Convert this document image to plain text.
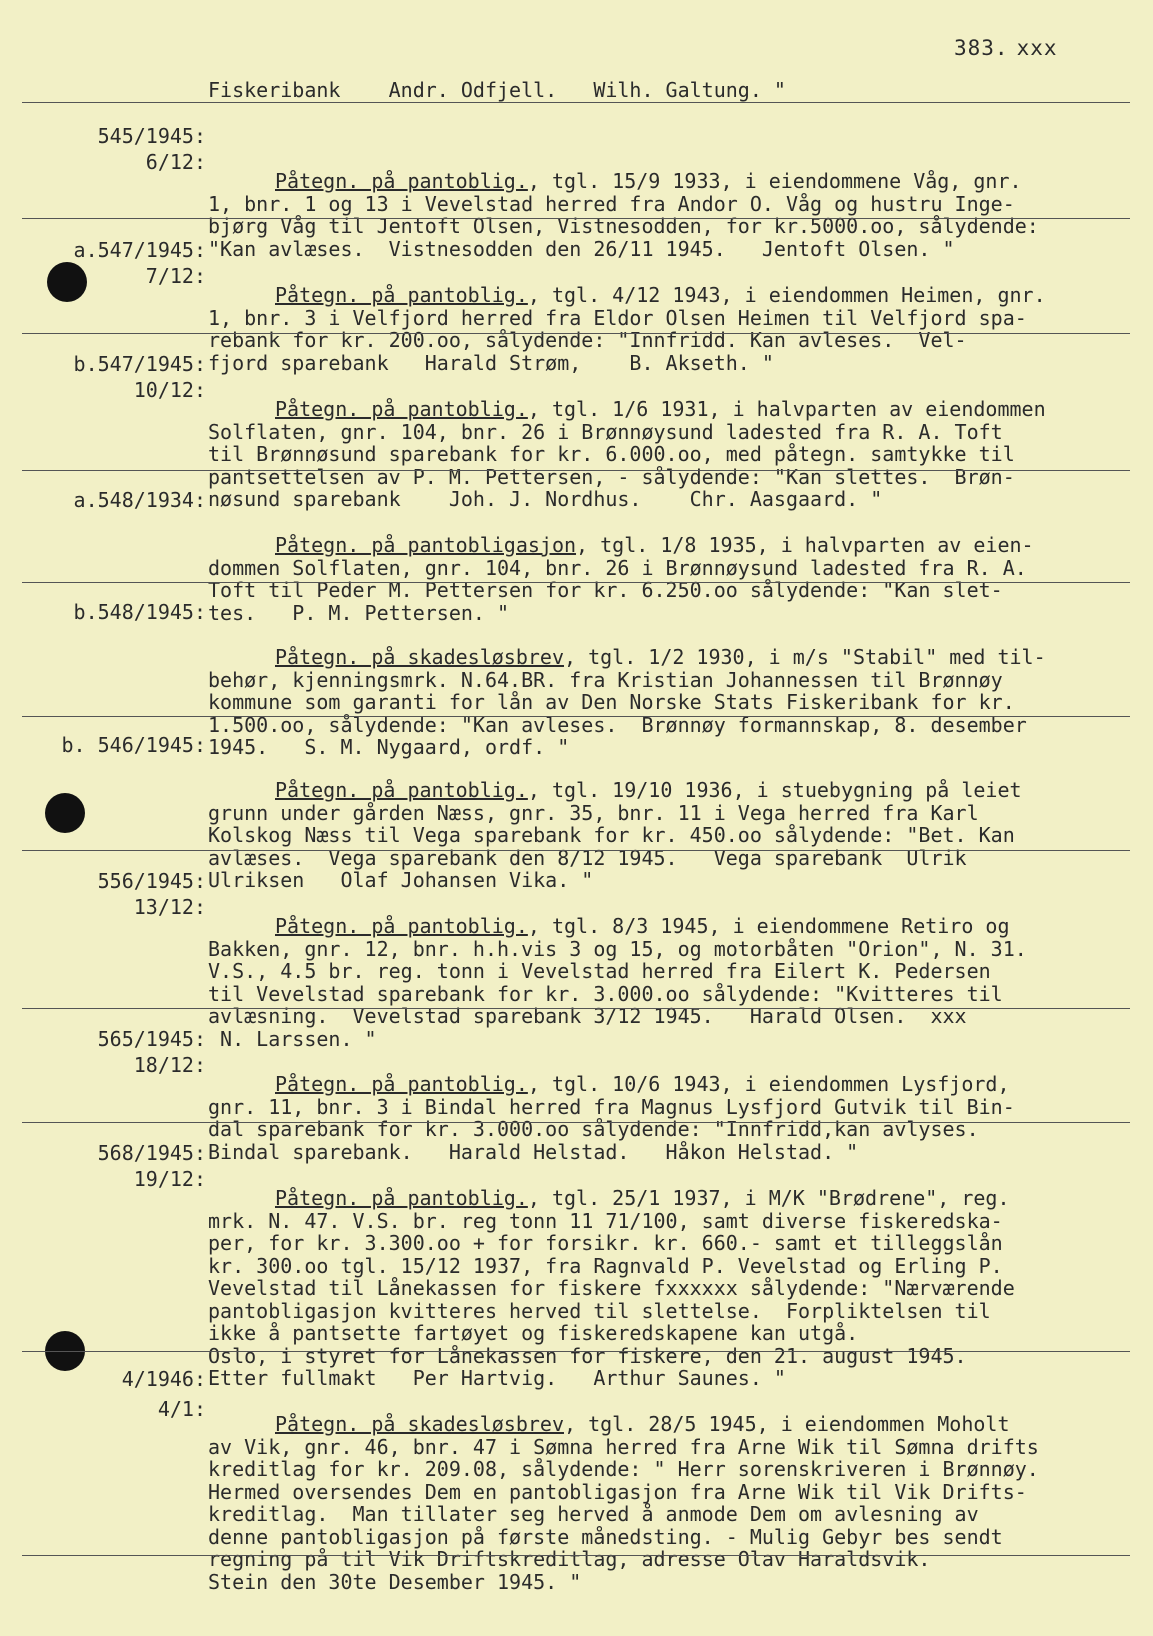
383. xxx
Fiskeribank    Andr. Odfjell.   Wilh. Galtung. "
545/1945:
6/12:

Påtegn. på pantoblig., tgl. 15/9 1933, i eiendommene Våg, gnr.
1, bnr. 1 og 13 i Vevelstad herred fra Andor O. Våg og hustru Inge-
bjørg Våg til Jentoft Olsen, Vistnesodden, for kr.5000.oo, sålydende:
"Kan avlæses.  Vistnesodden den 26/11 1945.   Jentoft Olsen. "

a.547/1945:
7/12:

Påtegn. på pantoblig., tgl. 4/12 1943, i eiendommen Heimen, gnr.
1, bnr. 3 i Velfjord herred fra Eldor Olsen Heimen til Velfjord spa-
rebank for kr. 200.oo, sålydende: "Innfridd. Kan avleses.  Vel-
fjord sparebank   Harald Strøm,    B. Akseth. "

b.547/1945:
10/12:

Påtegn. på pantoblig., tgl. 1/6 1931, i halvparten av eiendommen
Solflaten, gnr. 104, bnr. 26 i Brønnøysund ladested fra R. A. Toft
til Brønnøsund sparebank for kr. 6.000.oo, med påtegn. samtykke til
pantsettelsen av P. M. Pettersen, - sålydende: "Kan slettes.  Brøn-
nøsund sparebank    Joh. J. Nordhus.    Chr. Aasgaard. "

a.548/1934:

Påtegn. på pantobligasjon, tgl. 1/8 1935, i halvparten av eien-
dommen Solflaten, gnr. 104, bnr. 26 i Brønnøysund ladested fra R. A.
Toft til Peder M. Pettersen for kr. 6.250.oo sålydende: "Kan slet-
tes.   P. M. Pettersen. "

b.548/1945:

Påtegn. på skadesløsbrev, tgl. 1/2 1930, i m/s "Stabil" med til-
behør, kjenningsmrk. N.64.BR. fra Kristian Johannessen til Brønnøy
kommune som garanti for lån av Den Norske Stats Fiskeribank for kr.
1.500.oo, sålydende: "Kan avleses.  Brønnøy formannskap, 8. desember
1945.   S. M. Nygaard, ordf. "

b. 546/1945:

Påtegn. på pantoblig., tgl. 19/10 1936, i stuebygning på leiet
grunn under gården Næss, gnr. 35, bnr. 11 i Vega herred fra Karl
Kolskog Næss til Vega sparebank for kr. 450.oo sålydende: "Bet. Kan
avlæses.  Vega sparebank den 8/12 1945.   Vega sparebank  Ulrik
Ulriksen   Olaf Johansen Vika. "

556/1945:
13/12:

Påtegn. på pantoblig., tgl. 8/3 1945, i eiendommene Retiro og
Bakken, gnr. 12, bnr. h.h.vis 3 og 15, og motorbåten "Orion", N. 31.
V.S., 4.5 br. reg. tonn i Vevelstad herred fra Eilert K. Pedersen
til Vevelstad sparebank for kr. 3.000.oo sålydende: "Kvitteres til
avlæsning.  Vevelstad sparebank 3/12 1945.   Harald Olsen.  xxx
N. Larssen. "

565/1945:
18/12:

Påtegn. på pantoblig., tgl. 10/6 1943, i eiendommen Lysfjord,
gnr. 11, bnr. 3 i Bindal herred fra Magnus Lysfjord Gutvik til Bin-
dal sparebank for kr. 3.000.oo sålydende: "Innfridd,kan avlyses.
Bindal sparebank.   Harald Helstad.   Håkon Helstad. "

568/1945:
19/12:

Påtegn. på pantoblig., tgl. 25/1 1937, i M/K "Brødrene", reg.
mrk. N. 47. V.S. br. reg tonn 11 71/100, samt diverse fiskeredska-
per, for kr. 3.300.oo + for forsikr. kr. 660.- samt et tilleggslån
kr. 300.oo tgl. 15/12 1937, fra Ragnvald P. Vevelstad og Erling P.
Vevelstad til Lånekassen for fiskere fxxxxxx sålydende: "Nærværende
pantobligasjon kvitteres herved til slettelse.  Forpliktelsen til
ikke å pantsette fartøyet og fiskeredskapene kan utgå.
Oslo, i styret for Lånekassen for fiskere, den 21. august 1945.
Etter fullmakt   Per Hartvig.   Arthur Saunes. "

4/1946:
4/1:

Påtegn. på skadesløsbrev, tgl. 28/5 1945, i eiendommen Moholt
av Vik, gnr. 46, bnr. 47 i Sømna herred fra Arne Wik til Sømna drifts
kreditlag for kr. 209.08, sålydende: " Herr sorenskriveren i Brønnøy.
Hermed oversendes Dem en pantobligasjon fra Arne Wik til Vik Drifts-
kreditlag.  Man tillater seg herved å anmode Dem om avlesning av
denne pantobligasjon på første månedsting. - Mulig Gebyr bes sendt
regning på til Vik Driftskreditlag, adresse Olav Haraldsvik.
Stein den 30te Desember 1945. "
